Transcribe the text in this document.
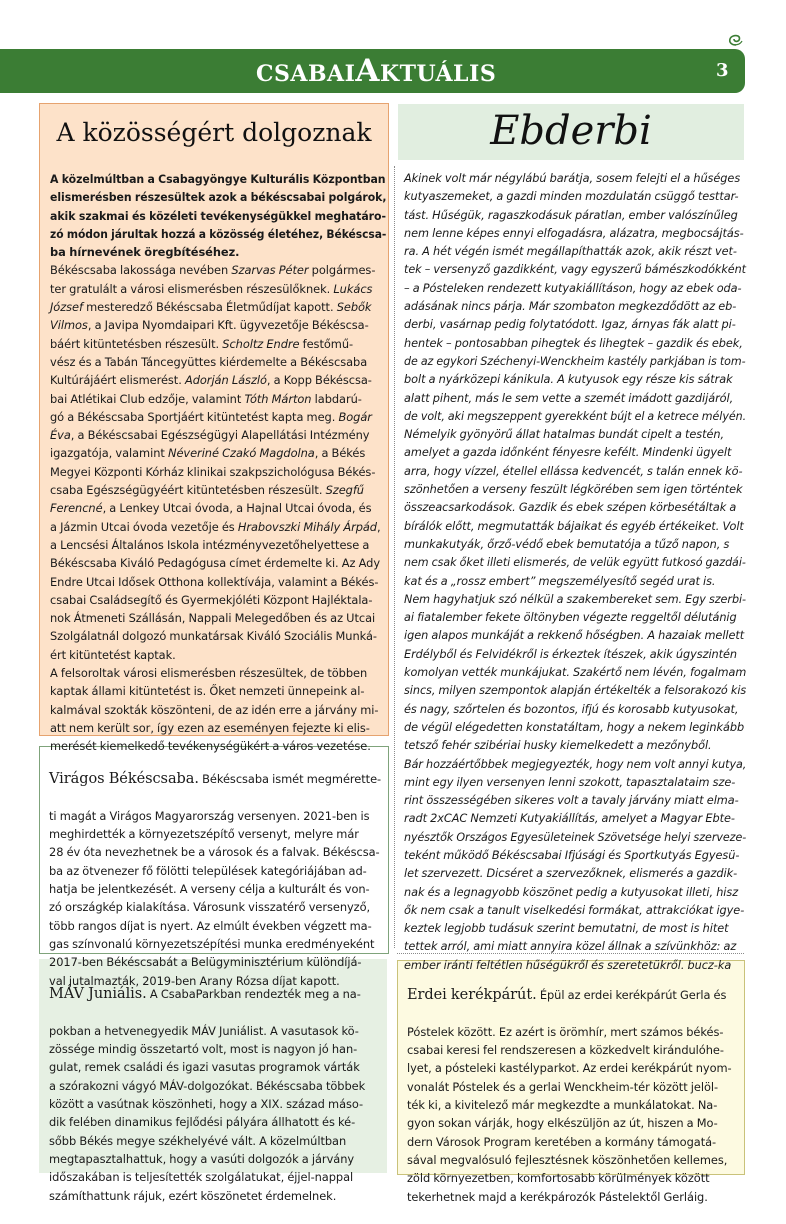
CSABAIAKTUÁLIS	3
A közösségért dolgoznak
A közelmúltban a Csabagyöngye Kulturális Központban
elismerésben részesültek azok a békéscsabai polgárok,
akik szakmai és közéleti tevékenységükkel meghatáro-
zó módon járultak hozzá a közösség életéhez, Békéscsa-
ba hírnevének öregbítéséhez.
Békéscsaba lakossága nevében Szarvas Péter polgármes-
ter gratulált a városi elismerésben részesülőknek. Lukács
József mesteredző Békéscsaba Életműdíjat kapott. Sebők
Vilmos, a Javipa Nyomdaipari Kft. ügyvezetője Békéscsa-
báért kitüntetésben részesült. Scholtz Endre festőmű-
vész és a Tabán Táncegyüttes kiérdemelte a Békéscsaba
Kultúrájáért elismerést. Adorján László, a Kopp Békéscsa-
bai Atlétikai Club edzője, valamint Tóth Márton labdarú-
gó a Békéscsaba Sportjáért kitüntetést kapta meg. Bogár
Éva, a Békéscsabai Egészségügyi Alapellátási Intézmény
igazgatója, valamint Néveriné Czakó Magdolna, a Békés
Megyei Központi Kórház klinikai szakpszichológusa Békés-
csaba Egészségügyéért kitüntetésben részesült. Szegfű
Ferencné, a Lenkey Utcai óvoda, a Hajnal Utcai óvoda, és
a Jázmin Utcai óvoda vezetője és Hrabovszki Mihály Árpád,
a Lencsési Általános Iskola intézményvezetőhelyettese a
Békéscsaba Kiváló Pedagógusa címet érdemelte ki. Az Ady
Endre Utcai Idősek Otthona kollektívája, valamint a Békés-
csabai Családsegítő és Gyermekjóléti Központ Hajléktala-
nok Átmeneti Szállásán, Nappali Melegedőben és az Utcai
Szolgálatnál dolgozó munkatársak Kiváló Szociális Munká-
ért kitüntetést kaptak.
A felsoroltak városi elismerésben részesültek, de többen
kaptak állami kitüntetést is. Őket nemzeti ünnepeink al-
kalmával szokták köszönteni, de az idén erre a járvány mi-
att nem került sor, így ezen az eseményen fejezte ki elis-
merését kiemelkedő tevékenységükért a város vezetése.
Ebderbi
Akinek volt már négylábú barátja, sosem felejti el a hűséges
kutyaszemeket, a gazdi minden mozdulatán csüggő testtar-
tást. Hűségük, ragaszkodásuk páratlan, ember valószínűleg
nem lenne képes ennyi elfogadásra, alázatra, megbocsájtás-
ra. A hét végén ismét megállapíthatták azok, akik részt vet-
tek – versenyző gazdikként, vagy egyszerű bámészkodókként
– a Pósteleken rendezett kutyakiállításon, hogy az ebek oda-
adásának nincs párja. Már szombaton megkezdődött az eb-
derbi, vasárnap pedig folytatódott. Igaz, árnyas fák alatt pi-
hentek – pontosabban pihegtek és lihegtek – gazdik és ebek,
de az egykori Széchenyi-Wenckheim kastély parkjában is tom-
bolt a nyárközepi kánikula. A kutyusok egy része kis sátrak
alatt pihent, más le sem vette a szemét imádott gazdijáról,
de volt, aki megszeppent gyerekként bújt el a ketrece mélyén.
Némelyik gyönyörű állat hatalmas bundát cipelt a testén,
amelyet a gazda időnként fényesre kefélt. Mindenki ügyelt
arra, hogy vízzel, étellel ellássa kedvencét, s talán ennek kö-
szönhetően a verseny feszült légkörében sem igen történtek
összeacsarkodások. Gazdik és ebek szépen körbesétáltak a
bírálók előtt, megmutatták bájaikat és egyéb értékeiket. Volt
munkakutyák, őrző-védő ebek bemutatója a tűző napon, s
nem csak őket illeti elismerés, de velük együtt futkosó gazdái-
kat és a „rossz embert” megszemélyesítő segéd urat is.
Nem hagyhatjuk szó nélkül a szakembereket sem. Egy szerbi-
ai fiatalember fekete öltönyben végezte reggeltől délutánig
igen alapos munkáját a rekkenő hőségben. A hazaiak mellett
Erdélyből és Felvidékről is érkeztek ítészek, akik úgyszintén
komolyan vették munkájukat. Szakértő nem lévén, fogalmam
sincs, milyen szempontok alapján értékelték a felsorakozó kis
és nagy, szőrtelen és bozontos, ifjú és korosabb kutyusokat,
de végül elégedetten konstatáltam, hogy a nekem leginkább
tetsző fehér szibériai husky kiemelkedett a mezőnyből.
Bár hozzáértőbbek megjegyezték, hogy nem volt annyi kutya,
mint egy ilyen versenyen lenni szokott, tapasztalataim sze-
rint összességében sikeres volt a tavaly járvány miatt elma-
radt 2xCAC Nemzeti Kutyakiállítás, amelyet a Magyar Ebte-
nyésztők Országos Egyesületeinek Szövetsége helyi szerveze-
teként működő Békéscsabai Ifjúsági és Sportkutyás Egyesü-
let szervezett. Dicséret a szervezőknek, elismerés a gazdik-
nak és a legnagyobb köszönet pedig a kutyusokat illeti, hisz
ők nem csak a tanult viselkedési formákat, attrakciókat igye-
keztek legjobb tudásuk szerint bemutatni, de most is hitet
tettek arról, ami miatt annyira közel állnak a szívünkhöz: az
ember iránti feltétlen hűségükről és szeretetükről. bucz-ka

Virágos Békéscsaba. Békéscsaba ismét megmérette-

ti magát a Virágos Magyarország versenyen. 2021-ben is
meghirdették a környezetszépítő versenyt, melyre már
28 év óta nevezhetnek be a városok és a falvak. Békéscsa-
ba az ötvenezer fő fölötti települések kategóriájában ad-
hatja be jelentkezését. A verseny célja a kulturált és von-
zó országkép kialakítása. Városunk visszatérő versenyző,
több rangos díjat is nyert. Az elmúlt években végzett ma-
gas színvonalú környezetszépítési munka eredményeként
2017-ben Békéscsabát a Belügyminisztérium különdíjá-
val jutalmazták, 2019-ben Arany Rózsa díjat kapott.

MÁV Juniális. A CsabaParkban rendezték meg a na-

pokban a hetvenegyedik MÁV Juniálist. A vasutasok kö-
zössége mindig összetartó volt, most is nagyon jó han-
gulat, remek családi és igazi vasutas programok várták
a szórakozni vágyó MÁV-dolgozókat. Békéscsaba többek
között a vasútnak köszönheti, hogy a XIX. század máso-
dik felében dinamikus fejlődési pályára állhatott és ké-
sőbb Békés megye székhelyévé vált. A közelmúltban
megtapasztalhattuk, hogy a vasúti dolgozók a járvány
időszakában is teljesítették szolgálatukat, éjjel-nappal
számíthattunk rájuk, ezért köszönetet érdemelnek.

Erdei kerékpárút. Épül az erdei kerékpárút Gerla és

Póstelek között. Ez azért is örömhír, mert számos békés-
csabai keresi fel rendszeresen a közkedvelt kirándulóhe-
lyet, a pósteleki kastélyparkot. Az erdei kerékpárút nyom-
vonalát Póstelek és a gerlai Wenckheim-tér között jelöl-
ték ki, a kivitelező már megkezdte a munkálatokat. Na-
gyon sokan várják, hogy elkészüljön az út, hiszen a Mo-
dern Városok Program keretében a kormány támogatá-
sával megvalósuló fejlesztésnek köszönhetően kellemes,
zöld környezetben, komfortosabb körülmények között
tekerhetnek majd a kerékpározók Pástelektől Gerláig.
